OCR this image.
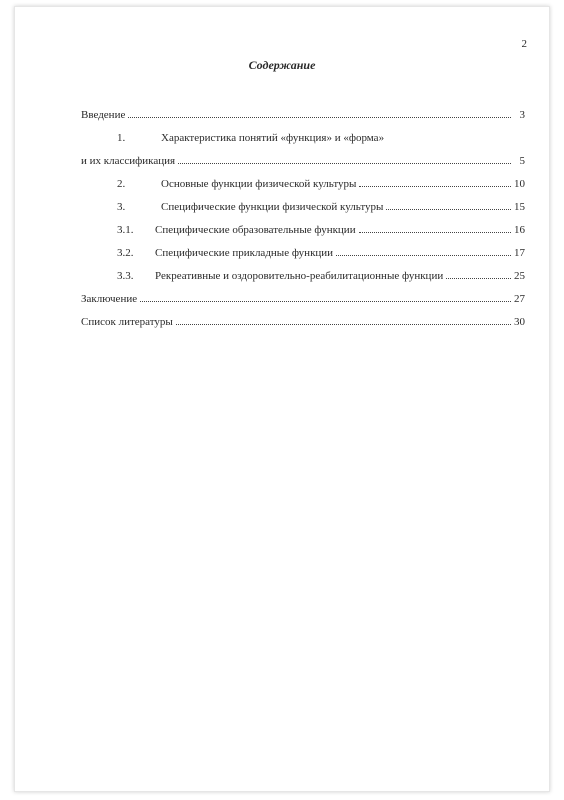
2
Содержание
Введение	3
1.	Характеристика понятий «функция» и «форма»
и их классификация	5
2.	Основные функции физической культуры	10
3.	Специфические функции физической культуры	15
3.1.	Специфические образовательные функции	16
3.2.	Специфические прикладные функции	17
3.3.	Рекреативные и оздоровительно-реабилитационные функции	25
Заключение	27
Список литературы	30
